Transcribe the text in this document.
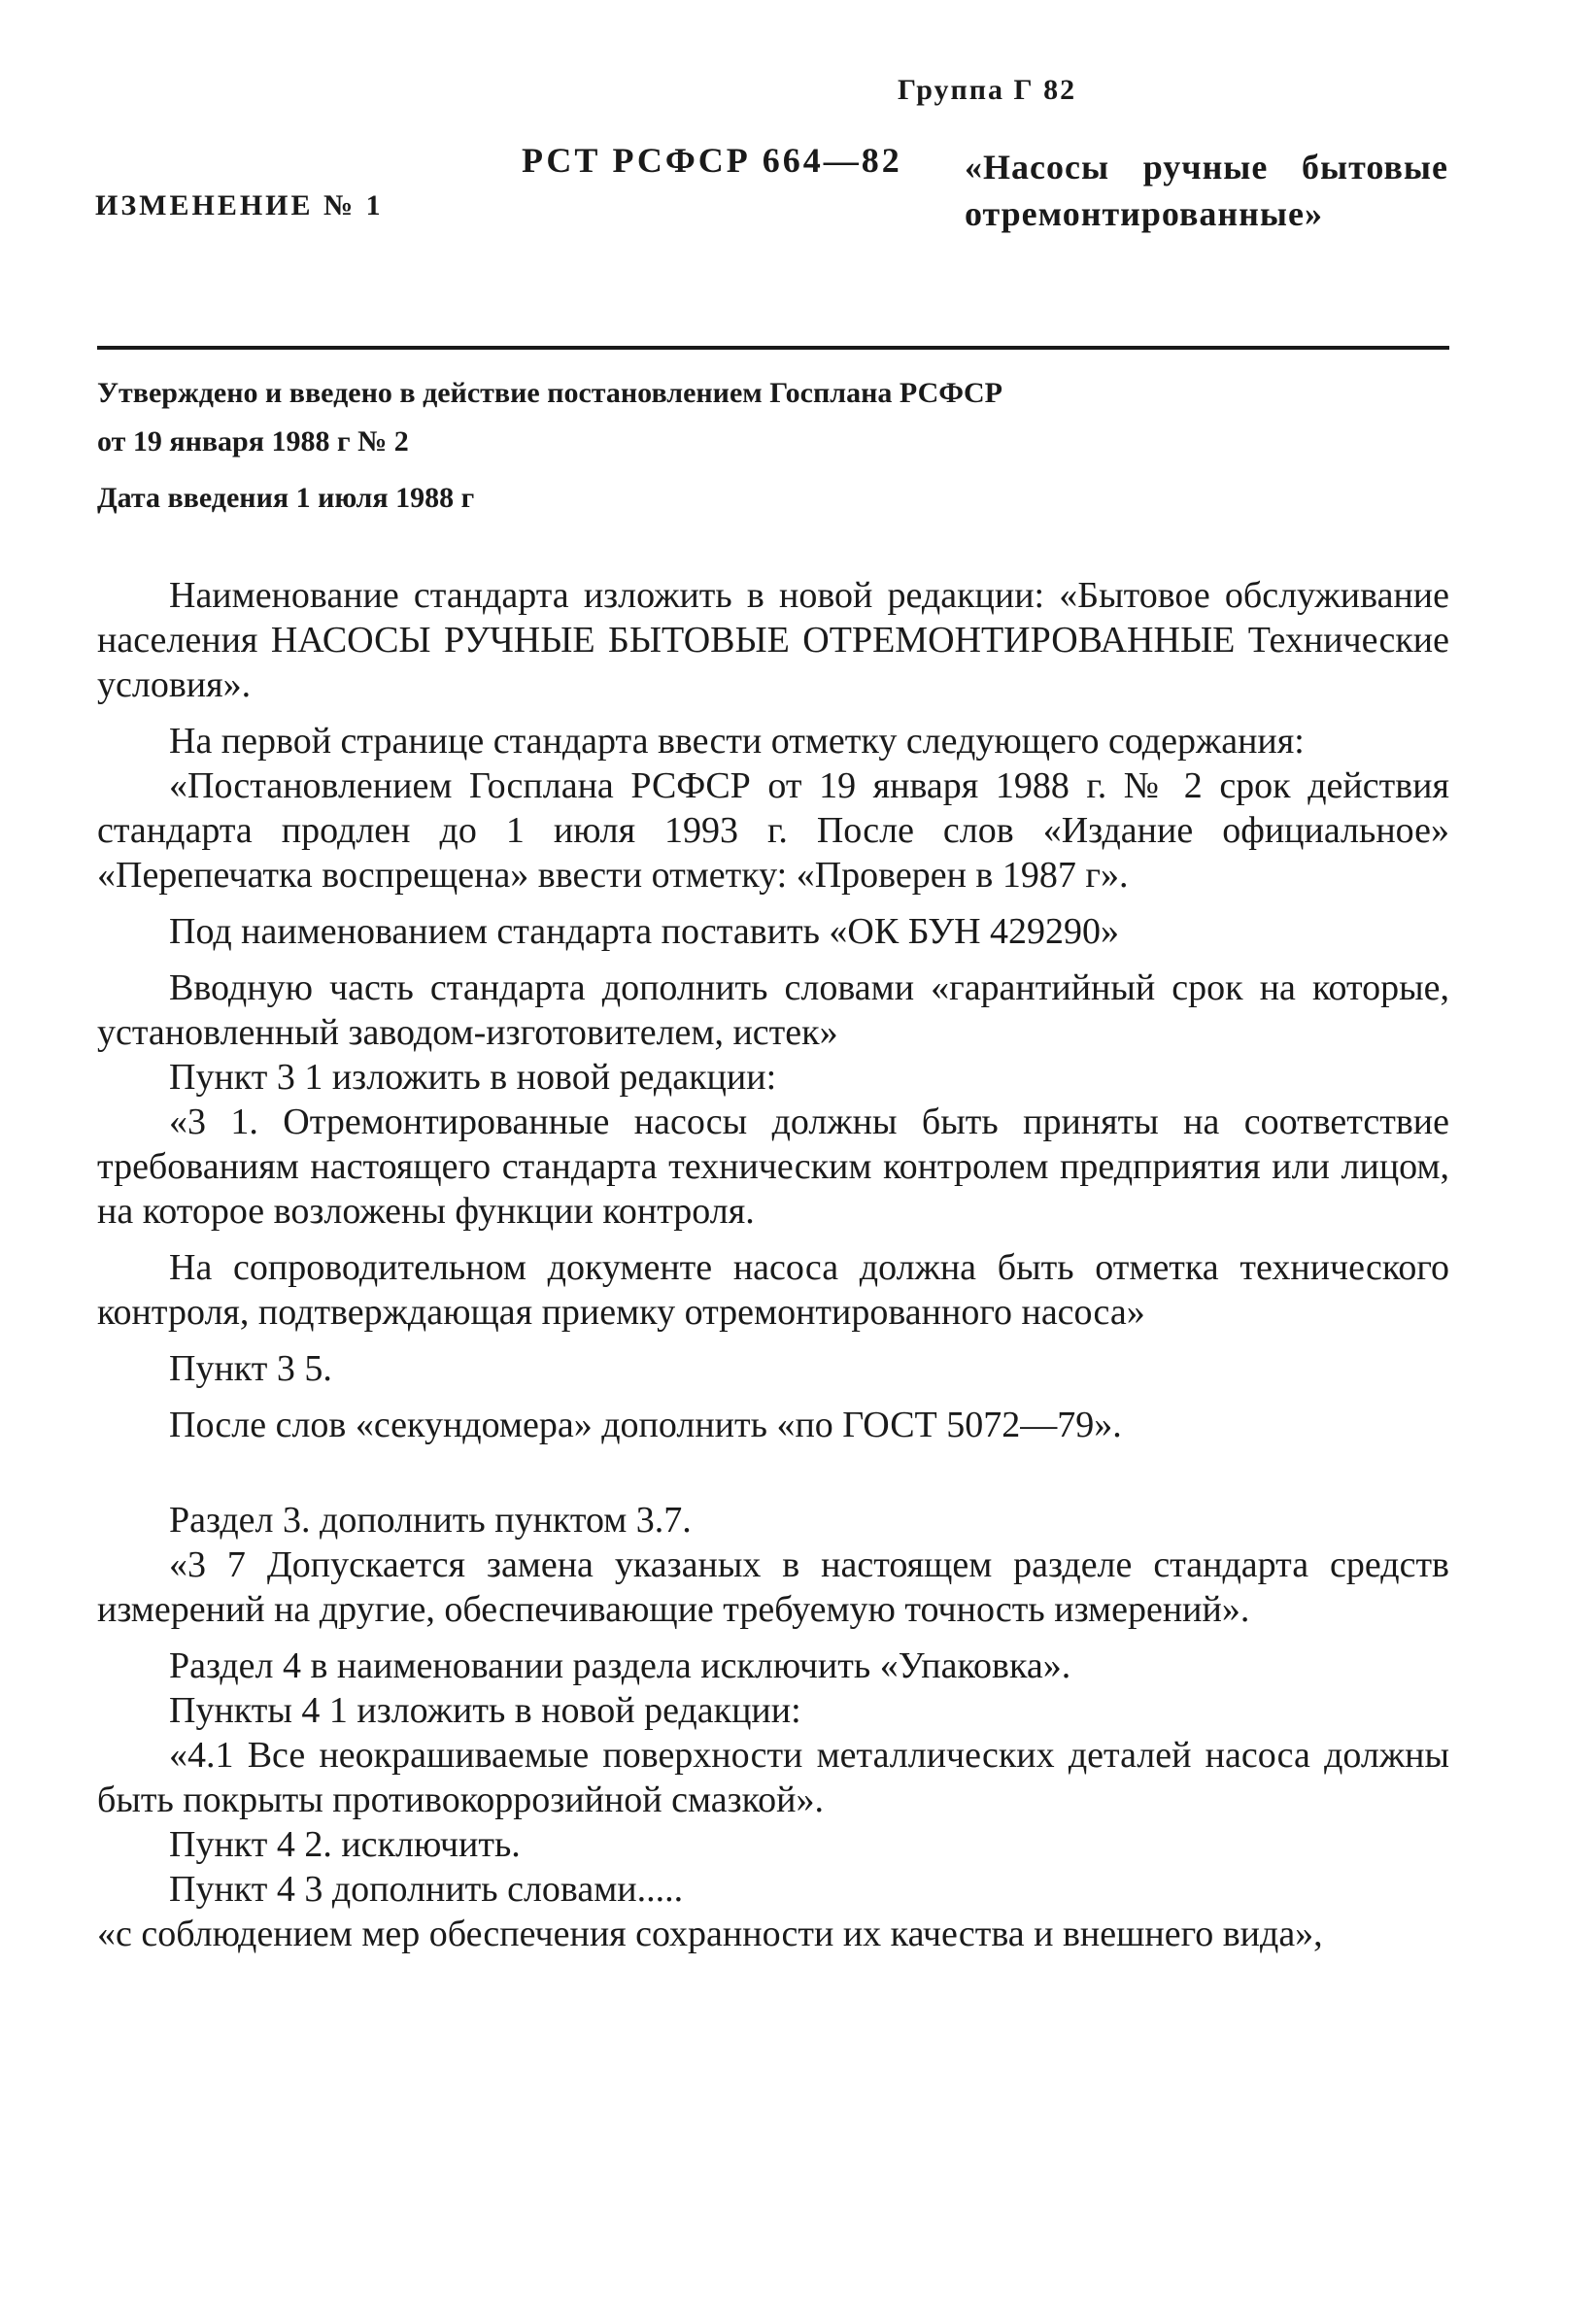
Группа Г 82
ИЗМЕНЕНИЕ № 1
РСТ РСФСР 664—82 «Насосы ручные бытовые отремонтированные»
Утверждено и введено в действие постановлением Госплана РСФСР
от 19 января 1988 г № 2
Дата введения 1 июля 1988 г

Наименование стандарта изложить в новой редакции: «Бытовое обслуживание населения НАСОСЫ РУЧНЫЕ БЫТОВЫЕ ОТРЕМОНТИРОВАННЫЕ Технические условия».

На первой странице стандарта ввести отметку следующего содержания:

«Постановлением Госплана РСФСР от 19 января 1988 г. № 2 срок действия стандарта продлен до 1 июля 1993 г. После слов «Издание официальное» «Перепечатка воспрещена» ввести отметку: «Проверен в 1987 г».

Под наименованием стандарта поставить «ОК БУН 429290»

Вводную часть стандарта дополнить словами «гарантийный срок на которые, установленный заводом-изготовителем, истек»

Пункт 3 1 изложить в новой редакции:

«3 1. Отремонтированные насосы должны быть приняты на соответствие требованиям настоящего стандарта техническим контролем предприятия или лицом, на которое возложены функции контроля.

На сопроводительном документе насоса должна быть отметка технического контроля, подтверждающая приемку отремонтированного насоса»

Пункт 3 5.

После слов «секундомера» дополнить «по ГОСТ 5072—79».

Раздел 3. дополнить пунктом 3.7.

«3 7 Допускается замена указаных в настоящем разделе стандарта средств измерений на другие, обеспечивающие требуемую точность измерений».

Раздел 4 в наименовании раздела исключить «Упаковка».

Пункты 4 1 изложить в новой редакции:

«4.1 Все неокрашиваемые поверхности металлических деталей насоса должны быть покрыты противокоррозийной смазкой».

Пункт 4 2. исключить.

Пункт 4 3 дополнить словами.....

«с соблюдением мер обеспечения сохранности их качества и внешнего вида»,
